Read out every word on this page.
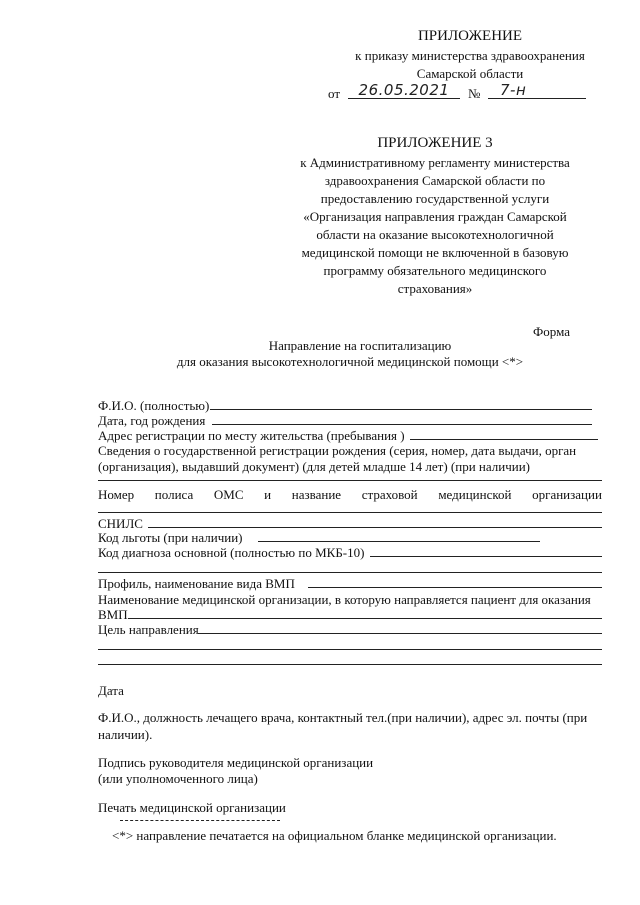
ПРИЛОЖЕНИЕ
к приказу министерства здравоохранения
Самарской области
от	26.05.2021	№	7-н
ПРИЛОЖЕНИЕ 3
к Административному регламенту министерства
здравоохранения Самарской области по
предоставлению государственной услуги
«Организация направления граждан Самарской
области на оказание высокотехнологичной
медицинской помощи не включенной в базовую
программу обязательного медицинского
страхования»
Форма
Направление на госпитализацию
для оказания высокотехнологичной медицинской помощи <*>
Ф.И.О. (полностью)
Дата, год рождения
Адрес регистрации по месту жительства (пребывания )
Сведения о государственной регистрации рождения (серия, номер, дата выдачи, орган
(организация), выдавший документ) (для детей младше 14 лет) (при наличии)
Номер полиса ОМС и название страховой медицинской организации
СНИЛС
Код льготы (при наличии)
Код диагноза основной (полностью по МКБ-10)
Профиль, наименование вида ВМП
Наименование медицинской организации, в которую направляется пациент для оказания
ВМП
Цель направления
Дата
Ф.И.О., должность лечащего врача, контактный тел.(при наличии), адрес эл. почты (при
наличии).
Подпись руководителя медицинской организации
(или уполномоченного лица)
Печать медицинской организации
<*> направление печатается на официальном бланке медицинской организации.
